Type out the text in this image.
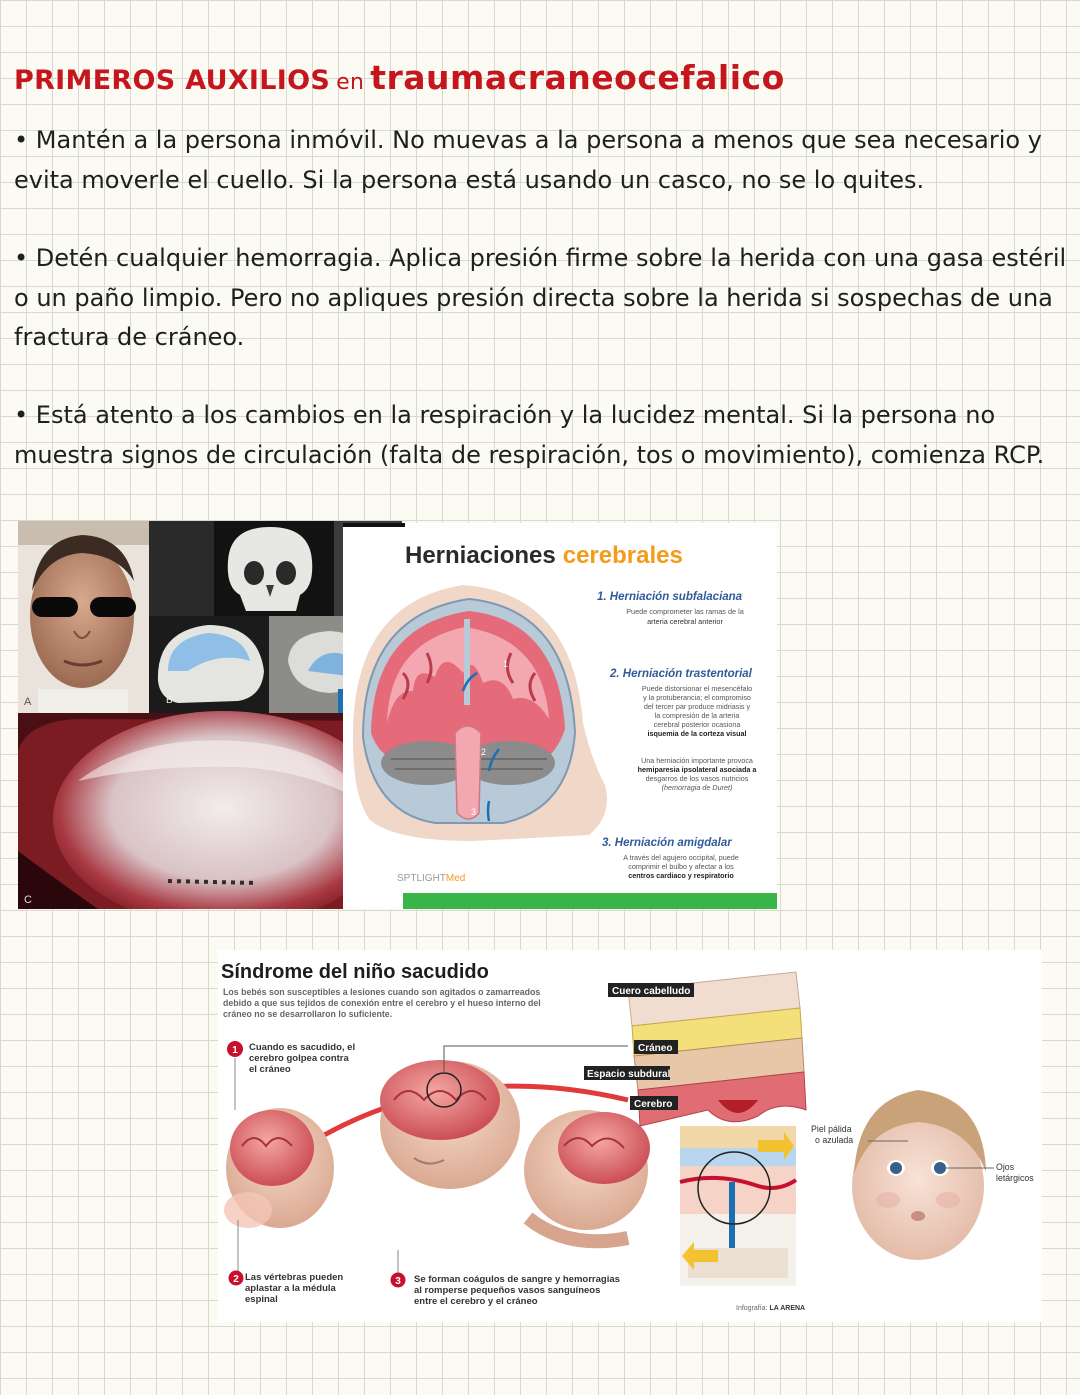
PRIMEROS AUXILIOS en traumacraneocefalico

• Mantén a la persona inmóvil. No muevas a la persona a menos que sea necesario y evita moverle el cuello. Si la persona está usando un casco, no se lo quites.

• Detén cualquier hemorragia. Aplica presión firme sobre la herida con una gasa estéril o un paño limpio. Pero no apliques presión directa sobre la herida si sospechas de una fractura de cráneo.

• Está atento a los cambios en la respiración y la lucidez mental. Si la persona no muestra signos de circulación (falta de respiración, tos o movimiento), comienza RCP.

A	B
C
Herniaciones cerebrales
1
2
3
1. Herniación subfalaciana
Puede comprometer las ramas de la
arteria cerebral anterior
2. Herniación trastentorial
Puede distorsionar el mesencéfalo
y la protuberancia; el compromiso
del tercer par produce midriasis y
la compresión de la arteria
cerebral posterior ocasiona
isquemia de la corteza visual
Una herniación importante provoca
hemiparesia ipsolateral asociada a
desgarros de los vasos nutricios
(hemorragia de Duret)
3. Herniación amigdalar
A través del agujero occipital, puede
comprimir el bulbo y afectar a los
centros cardiaco y respiratorio
SPTLIGHTMed
Síndrome del niño sacudido
Los bebés son susceptibles a lesiones cuando son agitados o zamarreados
debido a que sus tejidos de conexión entre el cerebro y el hueso interno del
cráneo no se desarrollaron lo suficiente.
1 Cuando es sacudido, el
cerebro golpea contra
el cráneo
2 Las vértebras pueden
aplastar a la médula
espinal
3 Se forman coágulos de sangre y hemorragias
al romperse pequeños vasos sanguíneos
entre el cerebro y el cráneo
Cuero cabelludo
Cráneo
Espacio subdural
Cerebro
Infografía: LA ARENA
Piel pálida
o azulada
Ojos
letárgicos
